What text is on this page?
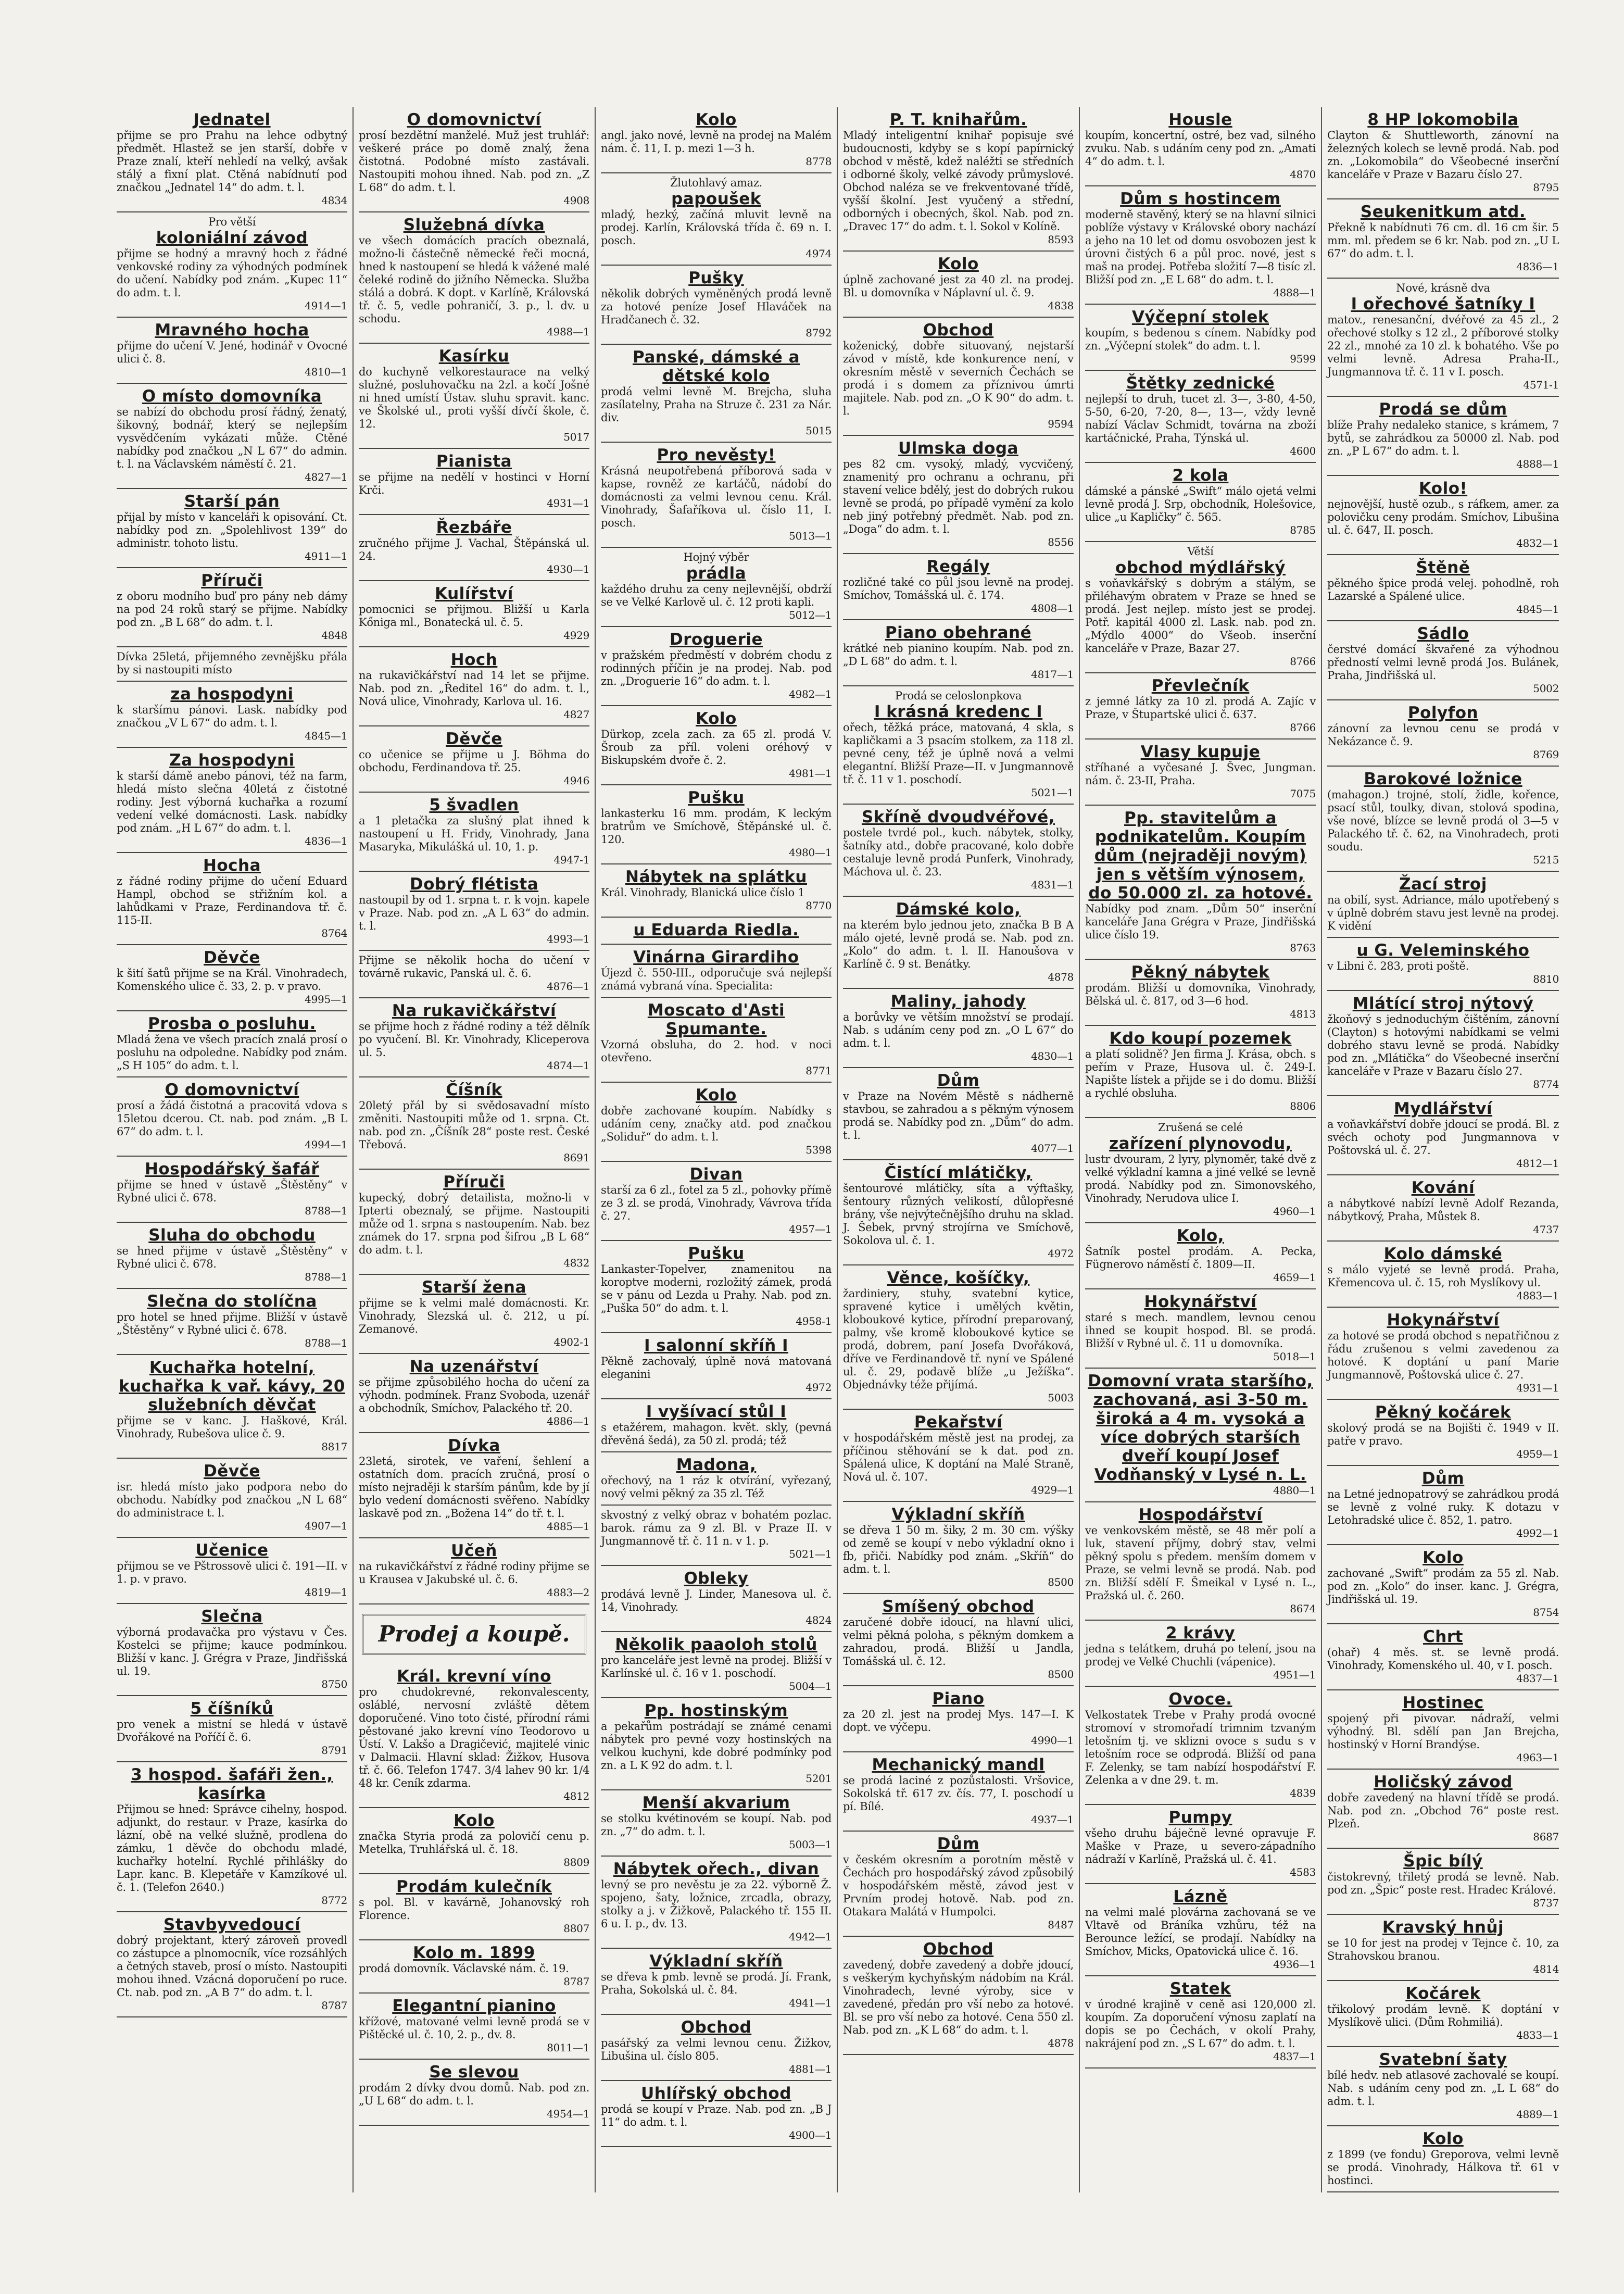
Jednatel
přijme se pro Prahu na lehce odbytný předmět. Hlastež se jen starší, dobře v Praze znalí, kteří nehledí na velký, avšak stálý a fixní plat. Ctěná nabídnutí pod značkou „Jednatel 14“ do adm. t. l.
4834
Pro větší
koloniální závod
přijme se hodný a mravný hoch z řádné venkovské rodiny za výhodných podmínek do učení. Nabídky pod znám. „Kupec 11“ do adm. t. l.
4914—1
Mravného hocha
přijme do učení V. Jené, hodinář v Ovocné ulici č. 8.
4810—1
O místo domovníka
se nabízí do obchodu prosí řádný, ženatý, šikovný, bodnář, který se nejlepším vysvědčením vykázati může. Ctěné nabídky pod značkou „N L 67“ do admin. t. l. na Václavském náměstí č. 21.
4827—1
Starší pán
přijal by místo v kanceláři k opisování. Ct. nabídky pod zn. „Spolehlivost 139“ do administr. tohoto listu.
4911—1
Příruči
z oboru modního buď pro pány neb dámy na pod 24 roků starý se přijme. Nabídky pod zn. „B L 68“ do adm. t. l.
4848
Dívka 25letá, přijemného zevnějšku přála by si nastoupiti místo
za hospodyni
k staršímu pánovi. Lask. nabídky pod značkou „V L 67“ do adm. t. l.
4845—1
Za hospodyni
k starší dámě anebo pánovi, též na farm, hledá místo slečna 40letá z čistotné rodiny. Jest výborná kuchařka a rozumí vedení velké domácnosti. Lask. nabídky pod znám. „H L 67“ do adm. t. l.
4836—1
Hocha
z řádné rodiny přijme do učení Eduard Hampl, obchod se střižním kol. a lahůdkami v Praze, Ferdinandova tř. č. 115-II.
8764
Děvče
k šití šatů přijme se na Král. Vinohradech, Komenského ulice č. 33, 2. p. v pravo.
4995—1
Prosba o posluhu.
Mladá žena ve všech pracích znalá prosí o posluhu na odpoledne. Nabídky pod znám. „S H 105“ do adm. t. l.
O domovnictví
prosí a žádá čistotná a pracovitá vdova s 15letou dcerou. Ct. nab. pod znám. „B L 67“ do adm. t. l.
4994—1
Hospodářský šafář
přijme se hned v ústavě „Štěstěny“ v Rybné ulici č. 678.
8788—1
Sluha do obchodu
se hned přijme v ústavě „Štěstěny“ v Rybné ulici č. 678.
8788—1
Slečna do stolíčna
pro hotel se hned přijme. Bližší v ústavě „Štěstěny“ v Rybné ulici č. 678.
8788—1
Kuchařka hotelní, kuchařka k vař. kávy, 20 služebních děvčat
přijme se v kanc. J. Haškové, Král. Vinohrady, Rubešova ulice č. 9.
8817
Děvče
isr. hledá místo jako podpora nebo do obchodu. Nabídky pod značkou „N L 68“ do administrace t. l.
4907—1
Učenice
přijmou se ve Pštrossově ulici č. 191—II. v 1. p. v pravo.
4819—1
Slečna
výborná prodavačka pro výstavu v Čes. Kostelci se přijme; kauce podmínkou. Bližší v kanc. J. Grégra v Praze, Jindřišská ul. 19.
8750
5 číšníků
pro venek a mistní se hledá v ústavě Dvořákové na Poříčí č. 6.
8791
3 hospod. šafáři žen., kasírka
Přijmou se hned: Správce cihelny, hospod. adjunkt, do restaur. v Praze, kasírka do lázní, obě na velké služně, prodlena do zámku, 1 děvče do obchodu mladé, kuchařky hotelní. Rychlé přihlášky do Lapr. kanc. B. Klepetáře v Kamzíkové ul. č. 1. (Telefon 2640.)
8772
Stavbyvedoucí
dobrý projektant, který zároveň provedl co zástupce a plnomocník, více rozsáhlých a četných staveb, prosí o místo. Nastoupiti mohou ihned. Vzácná doporučení po ruce. Ct. nab. pod zn. „A B 7“ do adm. t. l.
8787
O domovnictví
prosí bezdětní manželé. Muž jest truhlář: veškeré práce po domě znalý, žena čistotná. Podobné místo zastávali. Nastoupiti mohou ihned. Nab. pod zn. „Z L 68“ do adm. t. l.
4908
Služebná dívka
ve všech domácích pracích obeznalá, možno-li částečně německé řeči mocná, hned k nastoupení se hledá k vážené malé čeleké rodině do jižního Německa. Služba stálá a dobrá. K dopt. v Karlíně, Královská tř. č. 5, vedle pohraničí, 3. p., l. dv. u schodu.
4988—1
Kasírku
do kuchyně velkorestaurace na velký služné, posluhovačku na 2zl. a kočí Jošné ni hned umístí Ústav. sluhu spravit. kanc. ve Školské ul., proti vyšší dívčí škole, č. 12.
5017
Pianista
se přijme na nedělí v hostinci v Horní Krči.
4931—1
Řezbáře
zručného přijme J. Vachal, Štěpánská ul. 24.
4930—1
Kulířství
pomocnici se přijmou. Bližší u Karla Kőniga ml., Bonatecká ul. č. 5.
4929
Hoch
na rukavičkářství nad 14 let se přijme. Nab. pod zn. „Ředitel 16“ do adm. t. l., Nová ulice, Vinohrady, Karlova ul. 16.
4827
Děvče
co učenice se přijme u J. Böhma do obchodu, Ferdinandova tř. 25.
4946
5 švadlen
a 1 pletačka za slušný plat ihned k nastoupení u H. Fridy, Vinohrady, Jana Masaryka, Mikulášká ul. 10, 1. p.
4947-1
Dobrý flétista
nastoupil by od 1. srpna t. r. k vojn. kapele v Praze. Nab. pod zn. „A L 63“ do admin. t. l.
4993—1
Přijme se několik hocha do učení v továrně rukavic, Panská ul. č. 6.
4876—1
Na rukavičkářství
se přijme hoch z řádné rodiny a též dělník po vyučení. Bl. Kr. Vinohrady, Kliceperova ul. 5.
4874—1
Číšník
20letý přál by si svědosavadní místo změniti. Nastoupiti může od 1. srpna. Ct. nab. pod zn. „Číšník 28“ poste rest. České Třebová.
8691
Příruči
kupecký, dobrý detailista, možno-li v Ipterti obeznalý, se přijme. Nastoupiti může od 1. srpna s nastoupením. Nab. bez známek do 17. srpna pod šifrou „B L 68“ do adm. t. l.
4832
Starší žena
přijme se k velmi malé domácnosti. Kr. Vinohrady, Slezská ul. č. 212, u pí. Zemanové.
4902-1
Na uzenářství
se přijme způsobilého hocha do učení za výhodn. podmínek. Franz Svoboda, uzenář a obchodník, Smíchov, Palackého tř. 20.
4886—1
Dívka
23letá, sirotek, ve vaření, šehlení a ostatních dom. pracích zručná, prosí o místo nejraději k starším pánům, kde by jí bylo vedení domácnosti svěřeno. Nabídky laskavě pod zn. „Božena 14“ do tř. t. l.
4885—1
Učeň
na rukavičkářství z řádné rodiny přijme se u Krausea v Jakubské ul. č. 6.
4883—2
Prodej a koupě.
Král. krevní víno
pro chudokrevné, rekonvalescenty, osláblé, nervosní zvláště dětem doporučené. Vino toto čisté, přírodní rámi pěstované jako krevní víno Teodorovo u Ústí. V. Lakšo a Dragičević, majitelé vinic v Dalmacii. Hlavní sklad: Žižkov, Husova tř. č. 66. Telefon 1747. 3/4 lahev 90 kr. 1/4 48 kr. Ceník zdarma.
4812
Kolo
značka Styria prodá za polovičí cenu p. Metelka, Truhlářská ul. č. 18.
8809
Prodám kulečník
s pol. Bl. v kavárně, Johanovský roh Florence.
8807
Kolo m. 1899
prodá domovník. Václavské nám. č. 19.
8787
Elegantní pianino
křížové, matované velmi levně prodá se v Pištěcké ul. č. 10, 2. p., dv. 8.
8011—1
Se slevou
prodám 2 dívky dvou domů. Nab. pod zn. „U L 68“ do adm. t. l.
4954—1
Kolo
angl. jako nové, levně na prodej na Malém nám. č. 11, I. p. mezi 1—3 h.
8778
Žlutohlavý amaz.
papoušek
mladý, hezký, začíná mluvit levně na prodej. Karlín, Královská třída č. 69 n. I. posch.
4974
Pušky
několik dobrých vyměněných prodá levně za hotové peníze Josef Hlaváček na Hradčanech č. 32.
8792
Panské, dámské a dětské kolo
prodá velmi levně M. Brejcha, sluha zasílatelny, Praha na Struze č. 231 za Nár. div.
5015
Pro nevěsty!
Krásná neupotřebená příborová sada v kapse, rovněž ze kartáčů, nádobí do domácnosti za velmi levnou cenu. Král. Vinohrady, Šafaříkova ul. číslo 11, I. posch.
5013—1
Hojný výběr
prádla
každého druhu za ceny nejlevnější, obdrží se ve Velké Karlově ul. č. 12 proti kapli.
5012—1
Droguerie
v pražském předměstí v dobrém chodu z rodinných příčin je na prodej. Nab. pod zn. „Droguerie 16“ do adm. t. l.
4982—1
Kolo
Dürkop, zcela zach. za 65 zl. prodá V. Šroub za příl. voleni oréhový v Biskupském dvoře č. 2.
4981—1
Pušku
lankasterku 16 mm. prodám, K leckým bratrům ve Smíchově, Štěpánské ul. č. 120.
4980—1
Nábytek na splátku
Král. Vinohrady, Blanická ulice číslo 1
8770
u Eduarda Riedla.
Vinárna Girardiho
Újezd č. 550-III., odporučuje svá nejlepší známá vybraná vína. Specialita:
Moscato d'Asti Spumante.
Vzorná obsluha, do 2. hod. v noci otevřeno.
8771
Kolo
dobře zachované koupím. Nabídky s udáním ceny, značky atd. pod značkou „Soliduř“ do adm. t. l.
5398
Divan
starší za 6 zl., fotel za 5 zl., pohovky přímě ze 3 zl. se prodá, Vinohrady, Vávrova třída č. 27.
4957—1
Pušku
Lankaster-Topelver, znamenitou na koroptve moderni, rozložitý zámek, prodá se v pánu od Lezda u Prahy. Nab. pod zn. „Puška 50“ do adm. t. l.
4958-1
I salonní skříň I
Pěkně zachovalý, úplně nová matovaná eleganini
4972
I vyšívací stůl I
s etažérem, mahagon. květ. skly, (pevná dřevěná šedá), za 50 zl. prodá; též
Madona,
ořechový, na 1 ráz k otvírání, vyřezaný, nový velmi pěkný za 35 zl. Též
skvostný z velký obraz v bohatém pozlac. barok. rámu za 9 zl. Bl. v Praze II. v Jungmannově tř. č. 11 n. v 1. p.
5021—1
Obleky
prodává levně J. Linder, Manesova ul. č. 14, Vinohrady.
4824
Několik paaoloh stolů
pro kanceláře jest levně na prodej. Bližší v Karlínské ul. č. 16 v 1. poschodí.
5004—1
Pp. hostinským
a pekařům postrádají se známé cenami nábytek pro pevné vozy hostinských na velkou kuchyni, kde dobré podmínky pod zn. a L K 92 do adm. t. l.
5201
Menší akvarium
se stolku kvétinovém se koupí. Nab. pod zn. „7“ do adm. t. l.
5003—1
Nábytek ořech., divan
levný se pro nevěstu je za 22. výborně Ž. spojeno, šaty, ložnice, zrcadla, obrazy, stolky a j. v Žižkově, Palackého tř. 155 II. 6 u. I. p., dv. 13.
4942—1
Výkladní skříň
se dřeva k pmb. levně se prodá. Jí. Frank, Praha, Sokolská ul. č. 84.
4941—1
Obchod
pasářský za velmi levnou cenu. Žižkov, Libušina ul. číslo 805.
4881—1
Uhlířský obchod
prodá se koupí v Praze. Nab. pod zn. „B J 11“ do adm. t. l.
4900—1
P. T. knihařům.
Mladý inteligentní knihař popisuje své budoucnosti, kdyby se s kopí papírnický obchod v městě, kdež naléžti se středních i odborné školy, velké závody průmyslové. Obchod naléza se ve frekventované třídě, vyšší školní. Jest vyučený a střední, odborných i obecných, škol. Nab. pod zn. „Dravec 17“ do adm. t. l. Sokol v Kolíně.
8593
Kolo
úplně zachované jest za 40 zl. na prodej. Bl. u domovníka v Náplavní ul. č. 9.
4838
Obchod
koženický, dobře situovaný, nejstarší závod v místě, kde konkurence není, v okresním městě v severních Čechách se prodá i s domem za příznivou úmrti majitele. Nab. pod zn. „O K 90“ do adm. t. l.
9594
Ulmska doga
pes 82 cm. vysoký, mladý, vycvičený, znamenitý pro ochranu a ochranu, při stavení velice bdělý, jest do dobrých rukou levně se prodá, po případě vymění za kolo neb jiný potřebný předmět. Nab. pod zn. „Doga“ do adm. t. l.
8556
Regály
rozličné také co půl jsou levně na prodej. Smíchov, Tomášská ul. č. 174.
4808—1
Piano obehrané
krátké neb pianino koupím. Nab. pod zn. „D L 68“ do adm. t. l.
4817—1
Prodá se celoslonpkova
I krásná kredenc I
ořech, těžká práce, matovaná, 4 skla, s kapličkami a 3 psacím stolkem, za 118 zl. pevné ceny, též je úplně nová a velmi elegantní. Bližší Praze—II. v Jungmannově tř. č. 11 v 1. poschodí.
5021—1
Skříně dvoudvéřové,
postele tvrdé pol., kuch. nábytek, stolky, šatníky atd., dobře pracované, kolo dobře cestaluje levně prodá Punferk, Vinohrady, Máchova ul. č. 23.
4831—1
Dámské kolo,
na kterém bylo jednou jeto, značka B B A málo ojeté, levně prodá se. Nab. pod zn. „Kolo“ do adm. t. l. II. Hanoušova v Karlíně č. 9 st. Benátky.
4878
Maliny, jahody
a borůvky ve větším množství se prodají. Nab. s udáním ceny pod zn. „O L 67“ do adm. t. l.
4830—1
Dům
v Praze na Novém Městě s nádherně stavbou, se zahradou a s pěkným výnosem prodá se. Nabídky pod zn. „Dům“ do adm. t. l.
4077—1
Čistící mlátičky,
šentourové mlátičky, síta a výftašky, šentoury různých velikostí, důlopřesné brány, vše nejvýtečnějšího druhu na sklad. J. Šebek, prvný strojírna ve Smíchově, Sokolova ul. č. 1.
4972
Věnce, košíčky,
žardiniery, stuhy, svatební kytice, spravené kytice i umělých květin, kloboukové kytice, přírodní preparovaný, palmy, vše kromě kloboukové kytice se prodá, dobrem, paní Josefa Dvořáková, dříve ve Ferdinandově tř. nyní ve Spálené ul. č. 29, podavě blíže „u Ježíška“. Objednávky téže přijímá.
5003
Pekařství
v hospodářském městě jest na prodej, za příčinou stěhování se k dat. pod zn. Spálená ulice, K doptání na Malé Straně, Nová ul. č. 107.
4929—1
Výkladní skříň
se dřeva 1 50 m. šiky, 2 m. 30 cm. výšky od země se koupí v nebo výkladní okno i fb, přiči. Nabídky pod znám. „Skříň“ do adm. t. l.
8500
Smíšený obchod
zaručené dobře idoucí, na hlavní ulici, velmi pěkná poloha, s pěkným domkem a zahradou, prodá. Bližší u Jandla, Tomášská ul. č. 12.
8500
Piano
za 20 zl. jest na prodej Mys. 147—I. K dopt. ve výčepu.
4990—1
Mechanický mandl
se prodá laciné z pozůstalosti. Vršovice, Sokolská tř. 617 zv. čís. 77, I. poschodí u pí. Bílé.
4937—1
Dům
v českém okresním a porotním městě v Čechách pro hospodářský závod způsobilý v hospodářském městě, závod jest v Prvním prodej hotově. Nab. pod zn. Otakara Malátá v Humpolci.
8487
Obchod
zavedený, dobře zavedený a dobře jdoucí, s veškerým kychyňským nádobím na Král. Vinohradech, levné výroby, sice v zavedené, předán pro vší nebo za hotové. Bl. se pro vší nebo za hotové. Cena 550 zl. Nab. pod zn. „K L 68“ do adm. t. l.
4878
Housle
koupím, koncertní, ostré, bez vad, silného zvuku. Nab. s udáním ceny pod zn. „Amati 4“ do adm. t. l.
4870
Dům s hostincem
moderně stavěný, který se na hlavní silnici poblíže výstavy v Královské obory nachází a jeho na 10 let od domu osvobozen jest k úrovni čistých 6 a půl proc. nové, jest s maš na prodej. Potřeba složití 7—8 tisíc zl. Bližší pod zn. „E L 68“ do adm. t. l.
4888—1
Výčepní stolek
koupím, s bedenou s cínem. Nabídky pod zn. „Výčepní stolek“ do adm. t. l.
9599
Štětky zednické
nejlepší to druh, tucet zl. 3—, 3-80, 4-50, 5-50, 6-20, 7-20, 8—, 13—, vždy levně nabízí Václav Schmidt, továrna na zboží kartáčnické, Praha, Týnská ul.
4600
2 kola
dámské a pánské „Swift“ málo ojetá velmi levně prodá J. Srp, obchodník, Holešovice, ulice „u Kapličky“ č. 565.
8785
Větší
obchod mýdlářský
s voňavkářský s dobrým a stálým, se přiléhavým obratem v Praze se hned se prodá. Jest nejlep. místo jest se prodej. Potř. kapitál 4000 zl. Lask. nab. pod zn. „Mýdlo 4000“ do Všeob. inserční kanceláře v Praze, Bazar 27.
8766
Převlečník
z jemné látky za 10 zl. prodá A. Zajíc v Praze, v Štupartské ulici č. 637.
8766
Vlasy kupuje
stříhané a vyčesané J. Švec, Jungman. nám. č. 23-II, Praha.
7075
Pp. stavitelům a podnikatelům. Koupím dům (nejraději novým) jen s větším výnosem, do 50.000 zl. za hotové.
Nabídky pod znam. „Dům 50“ inserční kanceláře Jana Grégra v Praze, Jindřišská ulice číslo 19.
8763
Pěkný nábytek
prodám. Bližší u domovníka, Vinohrady, Bělská ul. č. 817, od 3—6 hod.
4813
Kdo koupí pozemek
a platí solidně? Jen firma J. Krása, obch. s peřím v Praze, Husova ul. č. 249-I. Napište lístek a přijde se i do domu. Bližší a rychlé obsluha.
8806
Zrušená se celé
zařízení plynovodu,
lustr dvouram, 2 lyry, plynoměr, také dvě z velké výkladní kamna a jiné velké se levně prodá. Nabídky pod zn. Simonovského, Vinohrady, Nerudova ulice I.
4960—1
Kolo,
Šatník postel prodám. A. Pecka, Fügnerovo náměstí č. 1809—II.
4659—1
Hokynářství
staré s mech. mandlem, levnou cenou ihned se koupit hospod. Bl. se prodá. Bližší v Rybné ul. č. 11 u domovníka.
5018—1
Domovní vrata staršího, zachovaná, asi 3-50 m. široká a 4 m. vysoká a více dobrých starších dveří koupí Josef Vodňanský v Lysé n. L.
4880—1
Hospodářství
ve venkovském městě, se 48 měr polí a luk, stavení příjmy, dobrý stav, velmi pěkný spolu s předem. menším domem v Praze, se velmi levně se prodá. Nab. pod zn. Bližší sdělí F. Šmeikal v Lysé n. L., Pražská ul. č. 260.
8674
2 krávy
jedna s telátkem, druhá po telení, jsou na prodej ve Velké Chuchli (vápenice).
4951—1
Ovoce.
Velkostatek Trebe v Prahy prodá ovocné stromoví v stromořadí trimnim tzvaným letošním tj. ve sklizni ovoce s sudu s v letošním roce se odprodá. Bližší od pana F. Zelenky, se tam nabízí hospodářství F. Zelenka a v dne 29. t. m.
4839
Pumpy
všeho druhu báječně levné opravuje F. Maške v Praze, u severo-západního nádraží v Karlíně, Pražská ul. č. 41.
4583
Lázně
na velmi malé plovárna zachovaná se ve Vltavě od Bráníka vzhůru, též na Berounce ležící, se prodají. Nabídky na Smíchov, Micks, Opatovická ulice č. 16.
4936—1
Statek
v úrodné krajině v ceně asi 120,000 zl. koupím. Za doporučení výnosu zaplatí na dopis se po Čechách, v okolí Prahy, nakrájení pod zn. „S L 67“ do adm. t. l.
4837—1
8 HP lokomobila
Clayton & Shuttleworth, zánovní na železných kolech se levně prodá. Nab. pod zn. „Lokomobila“ do Všeobecné inserční kanceláře v Praze v Bazaru číslo 27.
8795
Seukenitkum atd.
Překně k nabídnuti 76 cm. dl. 16 cm šir. 5 mm. ml. předem se 6 kr. Nab. pod zn. „U L 67“ do adm. t. l.
4836—1
Nové, krásně dva
I ořechové šatníky I
matov., renesanční, dvéřové za 45 zl., 2 ořechové stolky s 12 zl., 2 příborové stolky 22 zl., mnohé za 10 zl. k bohatého. Vše po velmi levně. Adresa Praha-II., Jungmannova tř. č. 11 v I. posch.
4571-1
Prodá se dům
blíže Prahy nedaleko stanice, s krámem, 7 bytů, se zahrádkou za 50000 zl. Nab. pod zn. „P L 67“ do adm. t. l.
4888—1
Kolo!
nejnovější, hustě ozub., s ráfkem, amer. za polovičku ceny prodám. Smíchov, Libušina ul. č. 647, II. posch.
4832—1
Štěně
pěkného špice prodá velej. pohodlně, roh Lazarské a Spálené ulice.
4845—1
Sádlo
čerstvé domácí škvařené za výhodnou předností velmi levně prodá Jos. Bulánek, Praha, Jindřišská ul.
5002
Polyfon
zánovní za levnou cenu se prodá v Nekázance č. 9.
8769
Barokové ložnice
(mahagon.) trojné, stolí, židle, kořence, psací stůl, toulky, divan, stolová spodina, vše nové, blízce se levně prodá ol 3—5 v Palackého tř. č. 62, na Vinohradech, proti soudu.
5215
Žací stroj
na obilí, syst. Adriance, málo upotřebený s v úplně dobrém stavu jest levně na prodej. K vidění
u G. Veleminského
v Libni č. 283, proti poště.
8810
Mlátící stroj nýtový
žkoňový s jednoduchým čištěním, zánovní (Clayton) s hotovými nabídkami se velmi dobrého stavu levně se prodá. Nabídky pod zn. „Mlátička“ do Všeobecné inserční kanceláře v Praze v Bazaru číslo 27.
8774
Mydlářství
a voňavkářství dobře jdoucí se prodá. Bl. z svéch ochoty pod Jungmannova v Poštovská ul. č. 27.
4812—1
Kování
a nábytkové nabízí levně Adolf Rezanda, nábytkový, Praha, Můstek 8.
4737
Kolo dámské
s málo vyjeté se levně prodá. Praha, Křemencova ul. č. 15, roh Myslíkovy ul.
4883—1
Hokynářství
za hotové se prodá obchod s nepatřičnou z řádu zrušenou s velmi zavedenou za hotové. K doptání u paní Marie Jungmannově, Poštovská ulice č. 27.
4931—1
Pěkný kočárek
skolový prodá se na Bojišti č. 1949 v II. patře v pravo.
4959—1
Dům
na Letné jednopatrový se zahrádkou prodá se levně z volné ruky. K dotazu v Letohradské ulice č. 852, 1. patro.
4992—1
Kolo
zachované „Swift“ prodám za 55 zl. Nab. pod zn. „Kolo“ do inser. kanc. J. Grégra, Jindřišská ul. 19.
8754
Chrt
(ohař) 4 měs. st. se levně prodá. Vinohrady, Komenského ul. 40, v I. posch.
4837—1
Hostinec
spojený při pivovar. nádraží, velmi výhodný. Bl. sdělí pan Jan Brejcha, hostinský v Horní Brandýse.
4963—1
Holičský závod
dobře zavedený na hlavní třídě se prodá. Nab. pod zn. „Obchod 76“ poste rest. Plzeň.
8687
Špic bílý
čistokrevný, třiletý prodá se levně. Nab. pod zn. „Špic“ poste rest. Hradec Králové.
8737
Kravský hnůj
se 10 for jest na prodej v Tejnce č. 10, za Strahovskou branou.
4814
Kočárek
třikolový prodám levně. K doptání v Myslíkově ulici. (Dům Rohmiliá).
4833—1
Svatební šaty
bílé hedv. neb atlasové zachovalé se koupí. Nab. s udáním ceny pod zn. „L L 68“ do adm. t. l.
4889—1
Kolo
z 1899 (ve fondu) Greporova, velmi levně se prodá. Vinohrady, Hálkova tř. 61 v hostinci.
